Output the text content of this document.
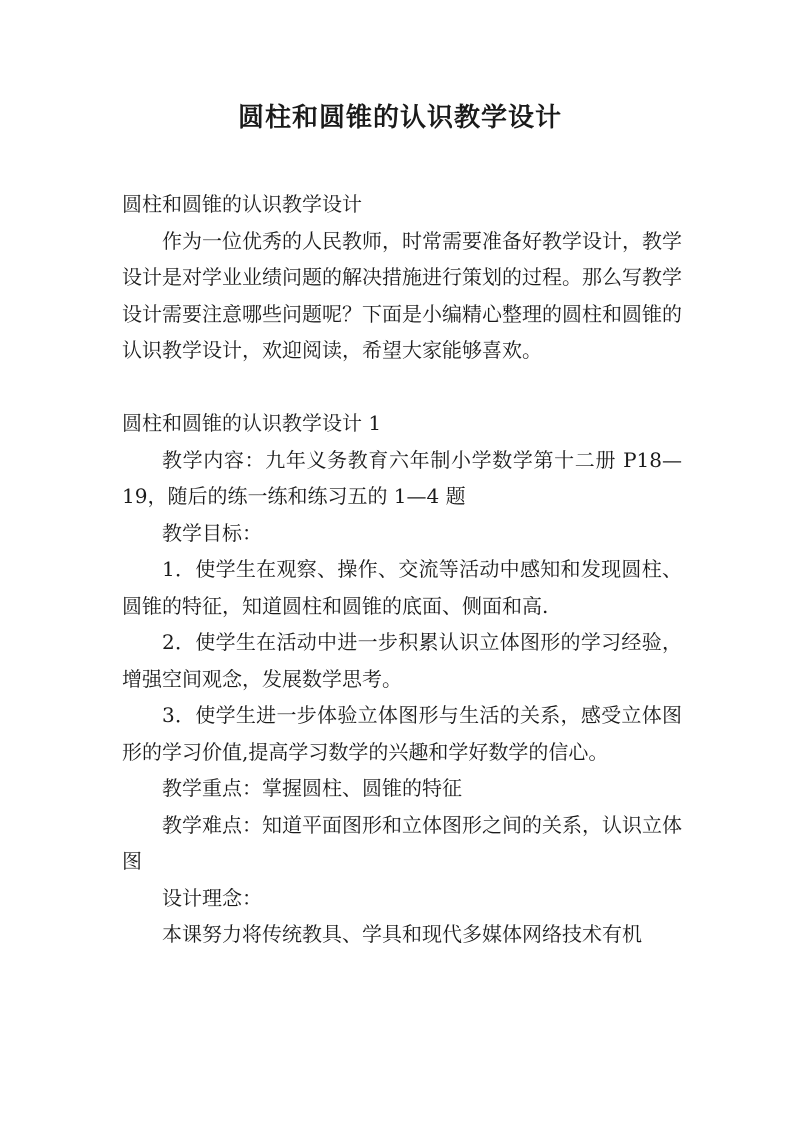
圆柱和圆锥的认识教学设计

圆柱和圆锥的认识教学设计

作为一位优秀的人民教师，时常需要准备好教学设计，教学设计是对学业业绩问题的解决措施进行策划的过程。那么写教学设计需要注意哪些问题呢？下面是小编精心整理的圆柱和圆锥的认识教学设计，欢迎阅读，希望大家能够喜欢。

圆柱和圆锥的认识教学设计 1

教学内容：九年义务教育六年制小学数学第十二册 P18—19，随后的练一练和练习五的 1—4 题

教学目标：

1．使学生在观察、操作、交流等活动中感知和发现圆柱、圆锥的特征，知道圆柱和圆锥的底面、侧面和高.

2．使学生在活动中进一步积累认识立体图形的学习经验，增强空间观念，发展数学思考。

3．使学生进一步体验立体图形与生活的关系，感受立体图形的学习价值,提高学习数学的兴趣和学好数学的信心。

教学重点：掌握圆柱、圆锥的特征

教学难点：知道平面图形和立体图形之间的关系，认识立体图

设计理念：

本课努力将传统教具、学具和现代多媒体网络技术有机
